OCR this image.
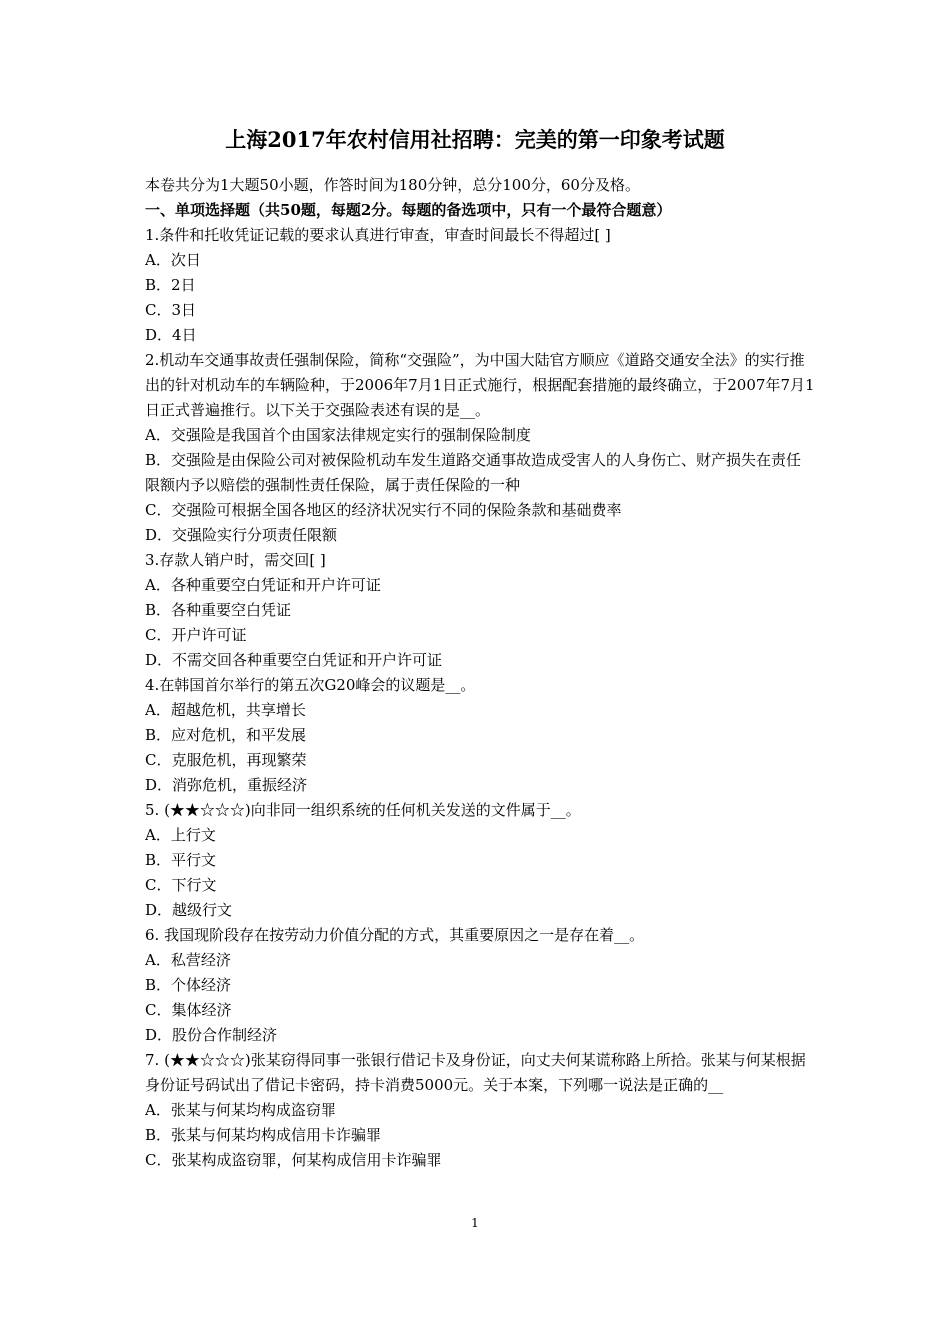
上海2017年农村信用社招聘：完美的第一印象考试题
本卷共分为1大题50小题，作答时间为180分钟，总分100分，60分及格。
一、单项选择题（共50题，每题2分。每题的备选项中，只有一个最符合题意）
1.条件和托收凭证记载的要求认真进行审查，审查时间最长不得超过[ ]
A．次日
B．2日
C．3日
D．4日
2.机动车交通事故责任强制保险，简称“交强险”，为中国大陆官方顺应《道路交通安全法》的实行推出的针对机动车的车辆险种，于2006年7月1日正式施行，根据配套措施的最终确立，于2007年7月1日正式普遍推行。以下关于交强险表述有误的是__。
A．交强险是我国首个由国家法律规定实行的强制保险制度
B．交强险是由保险公司对被保险机动车发生道路交通事故造成受害人的人身伤亡、财产损失在责任限额内予以赔偿的强制性责任保险，属于责任保险的一种
C．交强险可根据全国各地区的经济状况实行不同的保险条款和基础费率
D．交强险实行分项责任限额
3.存款人销户时，需交回[ ]
A．各种重要空白凭证和开户许可证
B．各种重要空白凭证
C．开户许可证
D．不需交回各种重要空白凭证和开户许可证
4.在韩国首尔举行的第五次G20峰会的议题是__。
A．超越危机，共享增长
B．应对危机，和平发展
C．克服危机，再现繁荣
D．消弥危机，重振经济
5. (★★☆☆☆)向非同一组织系统的任何机关发送的文件属于__。
A．上行文
B．平行文
C．下行文
D．越级行文
6. 我国现阶段存在按劳动力价值分配的方式，其重要原因之一是存在着__。
A．私营经济
B．个体经济
C．集体经济
D．股份合作制经济
7. (★★☆☆☆)张某窃得同事一张银行借记卡及身份证，向丈夫何某谎称路上所拾。张某与何某根据身份证号码试出了借记卡密码，持卡消费5000元。关于本案，下列哪一说法是正确的__
A．张某与何某均构成盗窃罪
B．张某与何某均构成信用卡诈骗罪
C．张某构成盗窃罪，何某构成信用卡诈骗罪
1
